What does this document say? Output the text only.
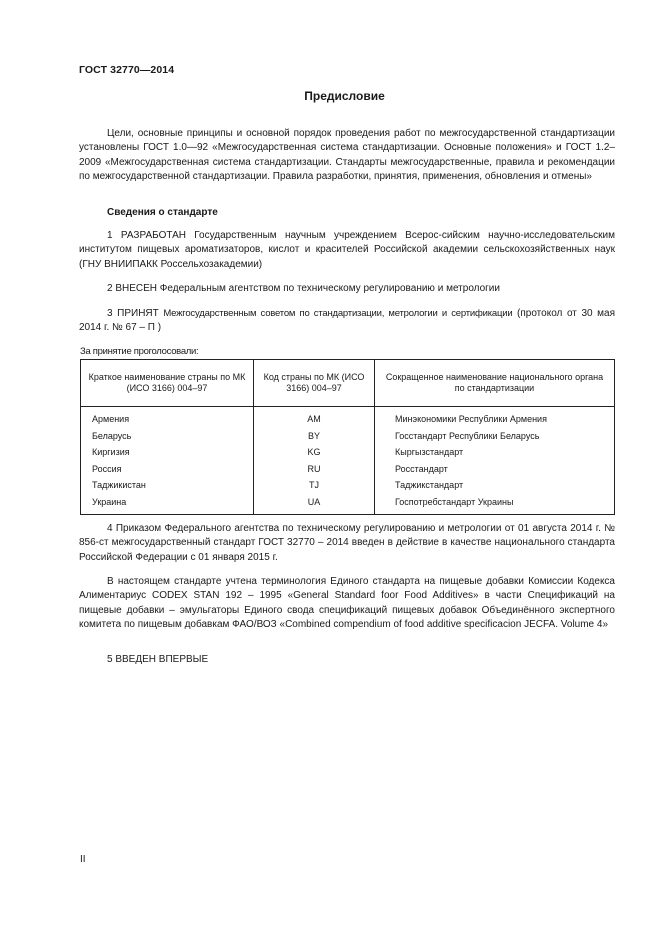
ГОСТ 32770—2014
Предисловие
Цели, основные принципы и основной порядок проведения работ по межгосударственной стандартизации установлены ГОСТ 1.0—92 «Межгосударственная система стандартизации. Основные положения» и ГОСТ 1.2–2009 «Межгосударственная система стандартизации. Стандарты межгосударственные, правила и рекомендации по межгосударственной стандартизации. Правила разработки, принятия, применения, обновления и отмены»
Сведения о стандарте
1 РАЗРАБОТАН Государственным научным учреждением Всерос-сийским научно-исследовательским институтом пищевых ароматизаторов, кислот и красителей Российской академии сельскохозяйственных наук (ГНУ ВНИИПАКК Россельхозакадемии)
2 ВНЕСЕН Федеральным агентством по техническому регулированию и метрологии
3 ПРИНЯТ Межгосударственным советом по стандартизации, метрологии и сертификации (протокол от 30 мая 2014 г. № 67 – П )
За принятие проголосовали:
Краткое наименование страны по МК (ИСО 3166) 004–97	Код страны по МК (ИСО 3166) 004–97	Сокращенное наименование национального органа по стандартизации
Армения	AM	Минэкономики Республики Армения
Беларусь	BY	Госстандарт Республики Беларусь
Киргизия	KG	Кыргызстандарт
Россия	RU	Росстандарт
Таджикистан	TJ	Таджикстандарт
Украина	UA	Госпотребстандарт Украины
4 Приказом Федерального агентства по техническому регулированию и метрологии от 01 августа 2014 г. № 856-ст межгосударственный стандарт ГОСТ 32770 – 2014 введен в действие в качестве национального стандарта Российской Федерации с 01 января 2015 г.
В настоящем стандарте учтена терминология Единого стандарта на пищевые добавки Комиссии Кодекса Алиментариус CODEX STAN 192 – 1995 «General Standard foor Food Additives» в части Спецификаций на пищевые добавки – эмульгаторы Единого свода спецификаций пищевых добавок Объединённого экспертного комитета по пищевым добавкам ФАО/ВОЗ «Combined compendium of food additive specificacion JECFA. Volume 4»
5 ВВЕДЕН ВПЕРВЫЕ
II
